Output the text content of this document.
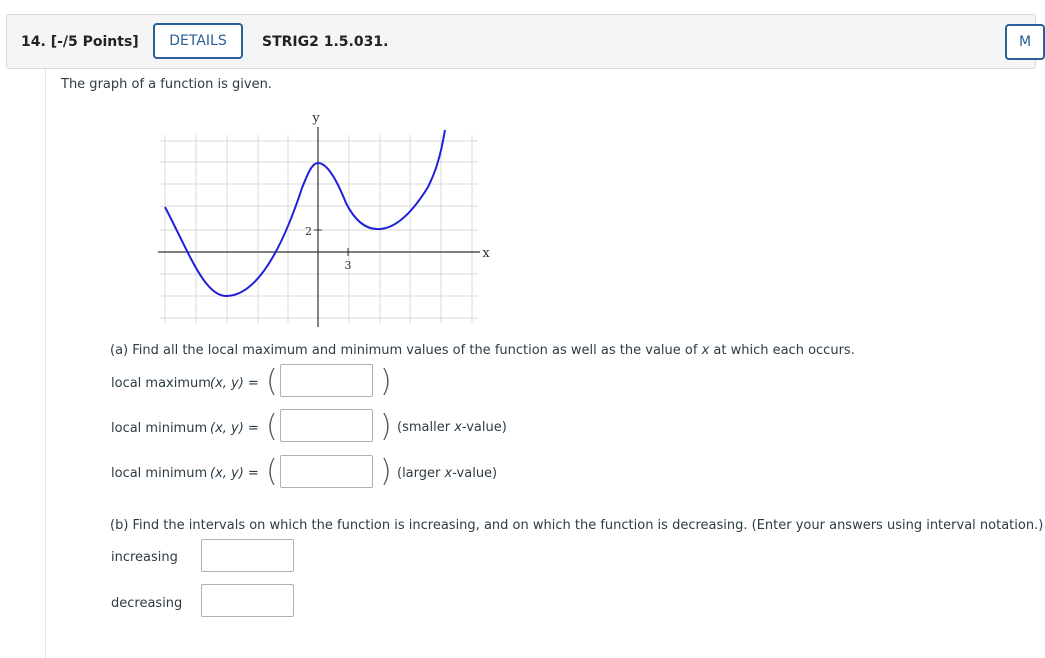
14. [-/5 Points]	DETAILS	STRIG2 1.5.031.	M
The graph of a function is given.
y
x
2
3
(a) Find all the local maximum and minimum values of the function as well as the value of x at which each occurs.
local maximum (x, y) = (	)
local minimum (x, y) = (	) (smaller x-value)
local minimum (x, y) = (	) (larger x-value)
(b) Find the intervals on which the function is increasing, and on which the function is decreasing. (Enter your answers using interval notation.)
increasing
decreasing
